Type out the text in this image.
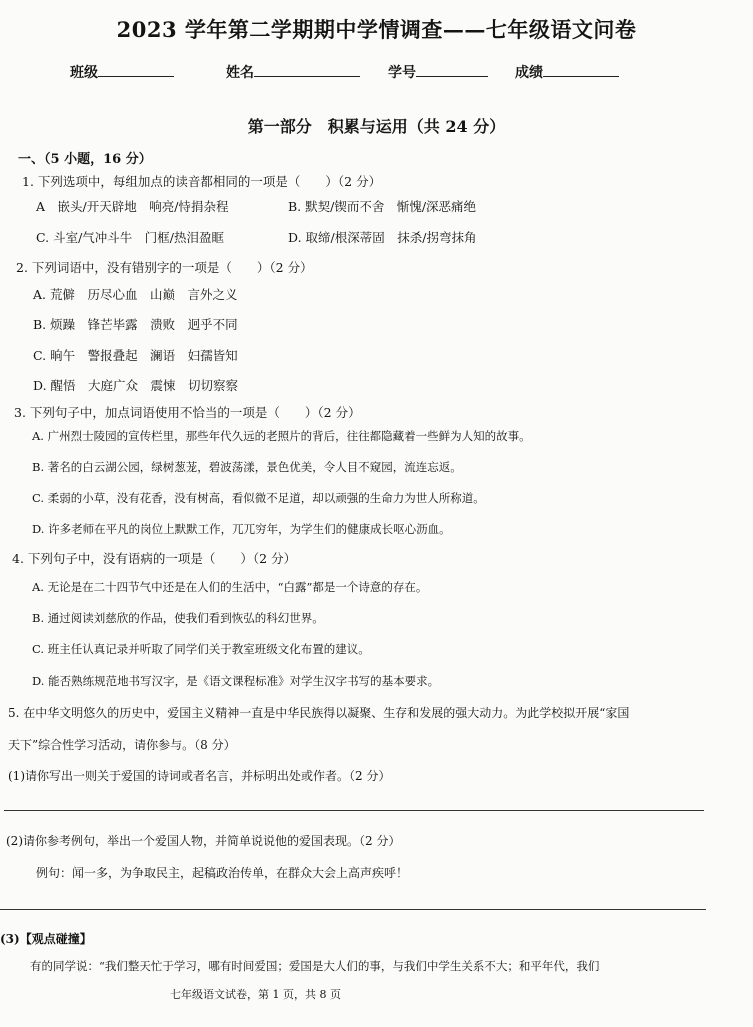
2023 学年第二学期期中学情调查——七年级语文问卷
班级	姓名	学号	成绩
第一部分　积累与运用（共 24 分）
一、（5 小题，16 分）
1. 下列选项中，每组加点的读音都相同的一项是（　　）（2 分）
A　嵌头/开天辟地　响亮/恃捐杂程	B. 默契/锲而不舍　惭愧/深恶痛绝
C. 斗室/气冲斗牛　门框/热泪盈眶	D. 取缔/根深蒂固　抹杀/拐弯抹角
2. 下列词语中，没有错别字的一项是（　　）（2 分）
A. 荒僻　历尽心血　山巅　言外之义
B. 烦躁　锋芒毕露　溃败　迥乎不同
C. 晌午　警报叠起　澜语　妇孺皆知
D. 醒悟　大庭广众　震悚　切切察察
3. 下列句子中，加点词语使用不恰当的一项是（　　）（2 分）
A. 广州烈士陵园的宣传栏里，那些年代久远的老照片的背后，往往都隐藏着一些鲜为人知的故事。
B. 著名的白云湖公园，绿树葱茏，碧波荡漾，景色优美，令人目不窥园，流连忘返。
C. 柔弱的小草，没有花香，没有树高，看似微不足道，却以顽强的生命力为世人所称道。
D. 许多老师在平凡的岗位上默默工作，兀兀穷年，为学生们的健康成长呕心沥血。
4. 下列句子中，没有语病的一项是（　　）（2 分）
A. 无论是在二十四节气中还是在人们的生活中，“白露”都是一个诗意的存在。
B. 通过阅读刘慈欣的作品，使我们看到恢弘的科幻世界。
C. 班主任认真记录并听取了同学们关于教室班级文化布置的建议。
D. 能否熟练规范地书写汉字，是《语文课程标准》对学生汉字书写的基本要求。
5. 在中华文明悠久的历史中，爱国主义精神一直是中华民族得以凝聚、生存和发展的强大动力。为此学校拟开展“家国
天下”综合性学习活动，请你参与。（8 分）
(1)请你写出一则关于爱国的诗词或者名言，并标明出处或作者。（2 分）
(2)请你参考例句，举出一个爱国人物，并简单说说他的爱国表现。（2 分）
例句：闻一多，为争取民主，起稿政治传单，在群众大会上高声疾呼！
(3)【观点碰撞】
有的同学说：“我们整天忙于学习，哪有时间爱国；爱国是大人们的事，与我们中学生关系不大；和平年代，我们
七年级语文试卷，第 1 页，共 8 页
